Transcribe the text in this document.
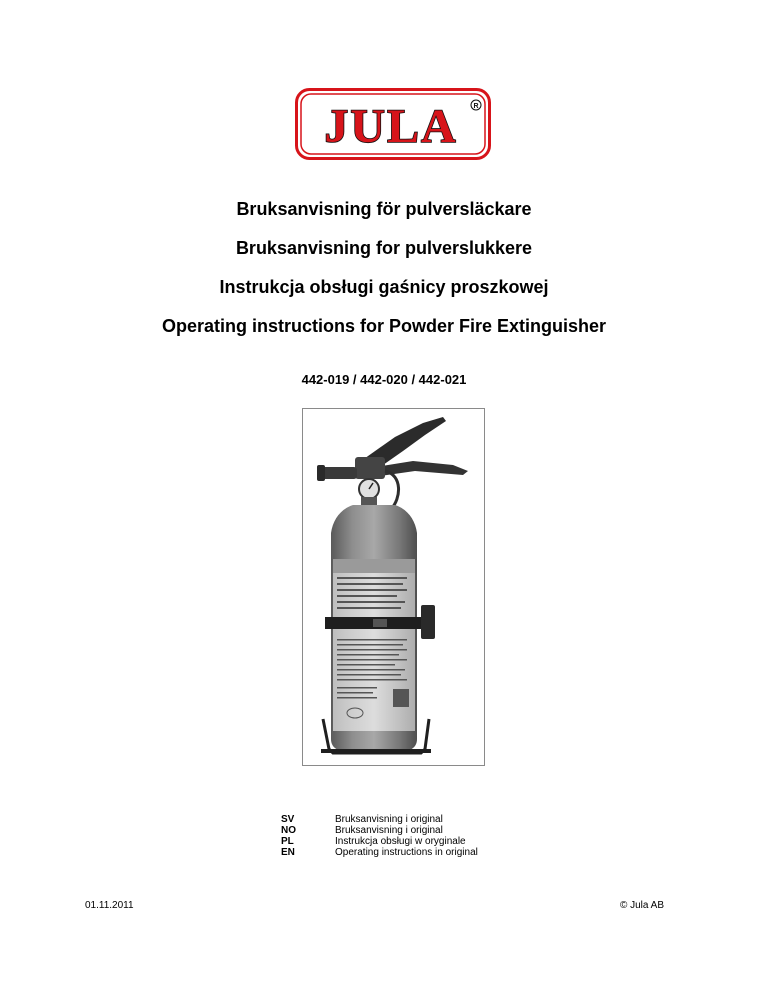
JULA R
Bruksanvisning för pulversläckare
Bruksanvisning for pulverslukkere
Instrukcja obsługi gaśnicy proszkowej
Operating instructions for Powder Fire Extinguisher
442-019 / 442-020 / 442-021
SV	Bruksanvisning i original
NO	Bruksanvisning i original
PL	Instrukcja obsługi w oryginale
EN	Operating instructions in original
01.11.2011	© Jula AB
